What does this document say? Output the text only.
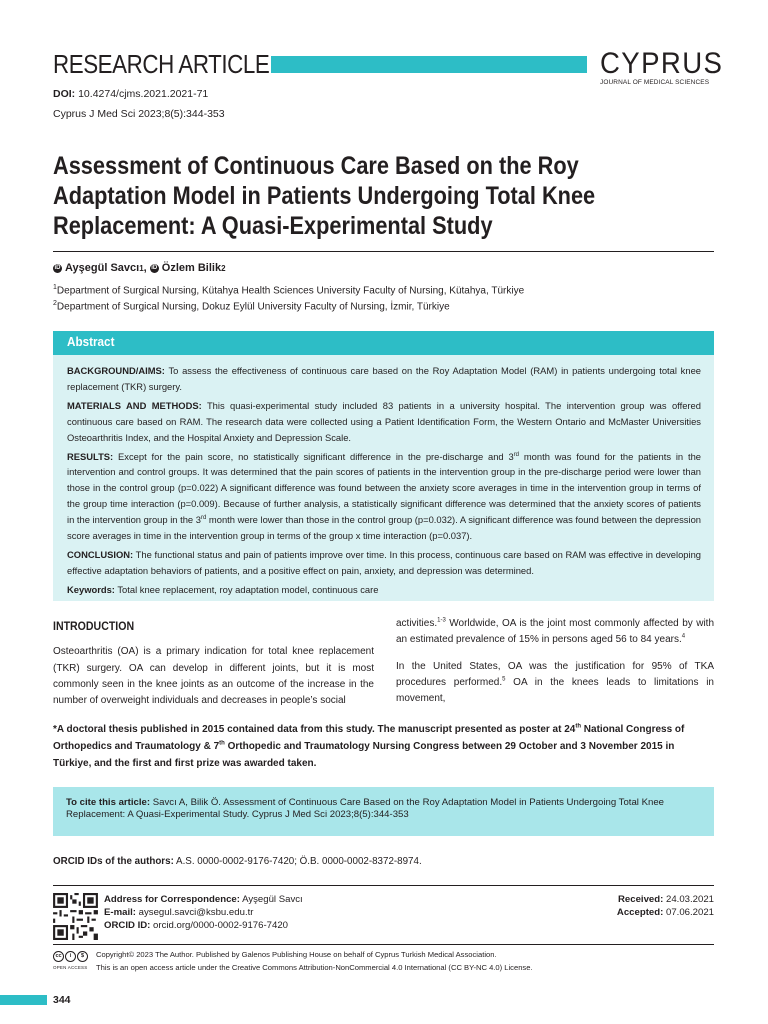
RESEARCH ARTICLE	CYPRUS
JOURNAL OF MEDICAL SCIENCES
DOI: 10.4274/cjms.2021.2021-71
Cyprus J Med Sci 2023;8(5):344-353
Assessment of Continuous Care Based on the Roy
Adaptation Model in Patients Undergoing Total Knee
Replacement: A Quasi-Experimental Study
iD Ayşegül Savcı 1 , iD Özlem Bilik 2
$^1$Department of Surgical Nursing, Kütahya Health Sciences University Faculty of Nursing, Kütahya, Türkiye
$^2$Department of Surgical Nursing, Dokuz Eylül University Faculty of Nursing, İzmir, Türkiye
Abstract

BACKGROUND/AIMS: To assess the effectiveness of continuous care based on the Roy Adaptation Model (RAM) in patients undergoing total knee replacement (TKR) surgery.

MATERIALS AND METHODS: This quasi-experimental study included 83 patients in a university hospital. The intervention group was offered continuous care based on RAM. The research data were collected using a Patient Identification Form, the Western Ontario and McMaster Universities Osteoarthritis Index, and the Hospital Anxiety and Depression Scale.

RESULTS: Except for the pain score, no statistically significant difference in the pre-discharge and 3rd month was found for the patients in the intervention and control groups. It was determined that the pain scores of patients in the intervention group in the pre-discharge period were lower than those in the control group (p=0.022) A significant difference was found between the anxiety score averages in time in the intervention group in terms of the group time interaction (p=0.009). Because of further analysis, a statistically significant difference was determined that the anxiety scores of patients in the intervention group in the 3rd month were lower than those in the control group (p=0.032). A significant difference was found between the depression score averages in time in the intervention group in terms of the group x time interaction (p=0.037).

CONCLUSION: The functional status and pain of patients improve over time. In this process, continuous care based on RAM was effective in developing effective adaptation behaviors of patients, and a positive effect on pain, anxiety, and depression was determined.

Keywords: Total knee replacement, roy adaptation model, continuous care

INTRODUCTION

Osteoarthritis (OA) is a primary indication for total knee replacement (TKR) surgery. OA can develop in different joints, but it is most commonly seen in the knee joints as an outcome of the increase in the number of overweight individuals and decreases in people’s social

activities.$^{1-3}$ Worldwide, OA is the joint most commonly affected by with an estimated prevalence of 15% in persons aged 56 to 84 years.$^4$

In the United States, OA was the justification for 95% of TKA procedures performed.$^5$ OA in the knees leads to limitations in movement,

*A doctoral thesis published in 2015 contained data from this study. The manuscript presented as poster at 24th National Congress of Orthopedics and Traumatology & 7th Orthopedic and Traumatology Nursing Congress between 29 October and 3 November 2015 in Türkiye, and the first and first prize was awarded taken.
To cite this article: Savcı A, Bilik Ö. Assessment of Continuous Care Based on the Roy Adaptation Model in Patients Undergoing Total Knee Replacement: A Quasi-Experimental Study. Cyprus J Med Sci 2023;8(5):344-353
ORCID IDs of the authors: A.S. 0000-0002-9176-7420; Ö.B. 0000-0002-8372-8974.
Address for Correspondence: Ayşegül Savcı
E-mail: aysegul.savci@ksbu.edu.tr
ORCID ID: orcid.org/0000-0002-9176-7420
Received: 24.03.2021
Accepted: 07.06.2021
cc	i	$
OPEN ACCESS
Copyright© 2023 The Author. Published by Galenos Publishing House on behalf of Cyprus Turkish Medical Association.
This is an open access article under the Creative Commons Attribution-NonCommercial 4.0 International (CC BY-NC 4.0) License.
344
